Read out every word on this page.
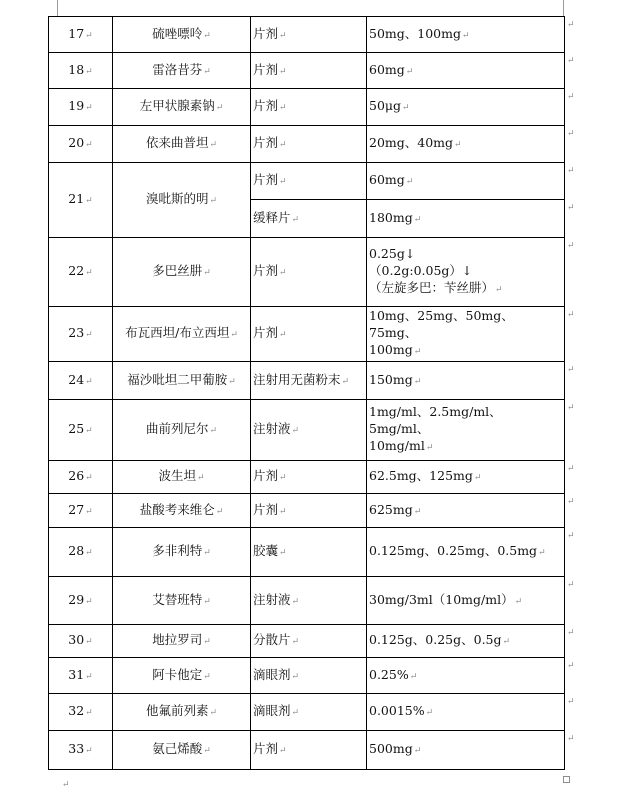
17↵	硫唑嘌呤↵	片剂↵	50mg、100mg↵

18↵	雷洛昔芬↵	片剂↵	60mg↵

19↵	左甲状腺素钠↵	片剂↵	50μg↵

20↵	依来曲普坦↵	片剂↵	20mg、40mg↵

21↵	溴吡斯的明↵	片剂↵	60mg↵

		缓释片↵	180mg↵

22↵	多巴丝肼↵	片剂↵	0.25g↓
（0.2g:0.05g）↓
（左旋多巴：苄丝肼）↵

23↵	布瓦西坦/布立西坦↵	片剂↵	10mg、25mg、50mg、75mg、
100mg↵

24↵	福沙吡坦二甲葡胺↵	注射用无菌粉末↵	150mg↵

25↵	曲前列尼尔↵	注射液↵	1mg/ml、2.5mg/ml、5mg/ml、
10mg/ml↵

26↵	波生坦↵	片剂↵	62.5mg、125mg↵

27↵	盐酸考来维仑↵	片剂↵	625mg↵

28↵	多非利特↵	胶囊↵	0.125mg、0.25mg、0.5mg↵

29↵	艾替班特↵	注射液↵	30mg/3ml（10mg/ml）↵

30↵	地拉罗司↵	分散片↵	0.125g、0.25g、0.5g↵

31↵	阿卡他定↵	滴眼剂↵	0.25%↵

32↵	他氟前列素↵	滴眼剂↵	0.0015%↵

33↵	氨己烯酸↵	片剂↵	500mg↵
↵
↵
↵
↵
↵
↵
↵
↵
↵
↵
↵
↵
↵
↵
↵
↵
↵
↵
↵
